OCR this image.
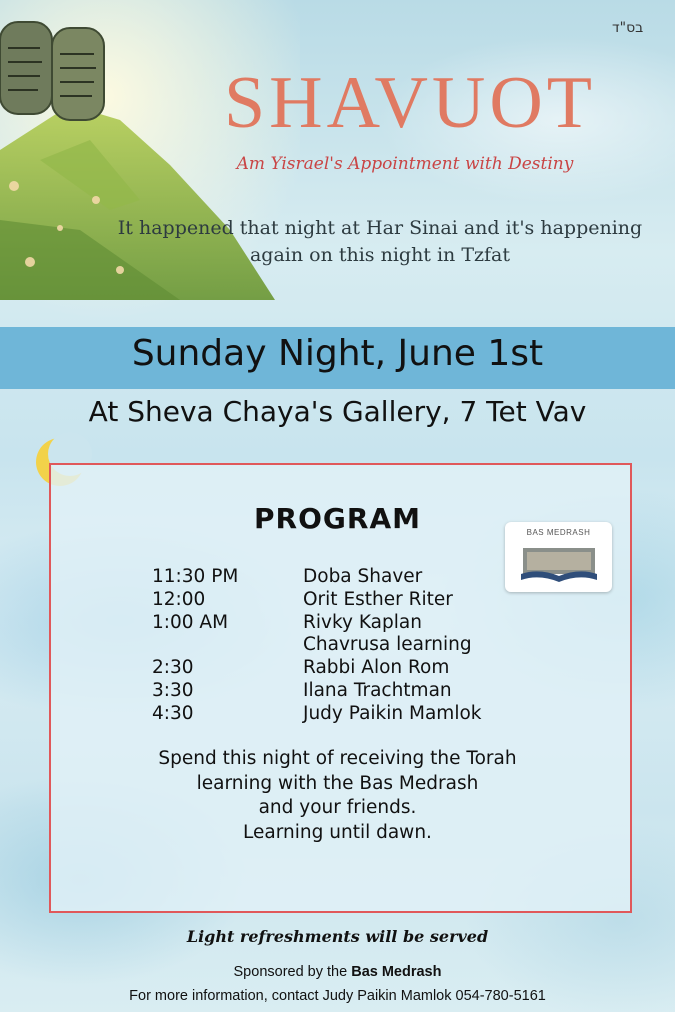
בס"ד
SHAVUOT
Am Yisrael's Appointment with Destiny
It happened that night at Har Sinai and it's happening
again on this night in Tzfat
Sunday Night, June 1st
At Sheva Chaya's Gallery, 7 Tet Vav
PROGRAM	BAS MEDRASH
11:30 PM	Doba Shaver
12:00	Orit Esther Riter
1:00 AM	Rivky Kaplan
Chavrusa learning
2:30	Rabbi Alon Rom
3:30	Ilana Trachtman
4:30	Judy Paikin Mamlok
Spend this night of receiving the Torah
learning with the Bas Medrash
and your friends.
Learning until dawn.
Light refreshments will be served
Sponsored by the Bas Medrash
For more information, contact Judy Paikin Mamlok 054-780-5161
